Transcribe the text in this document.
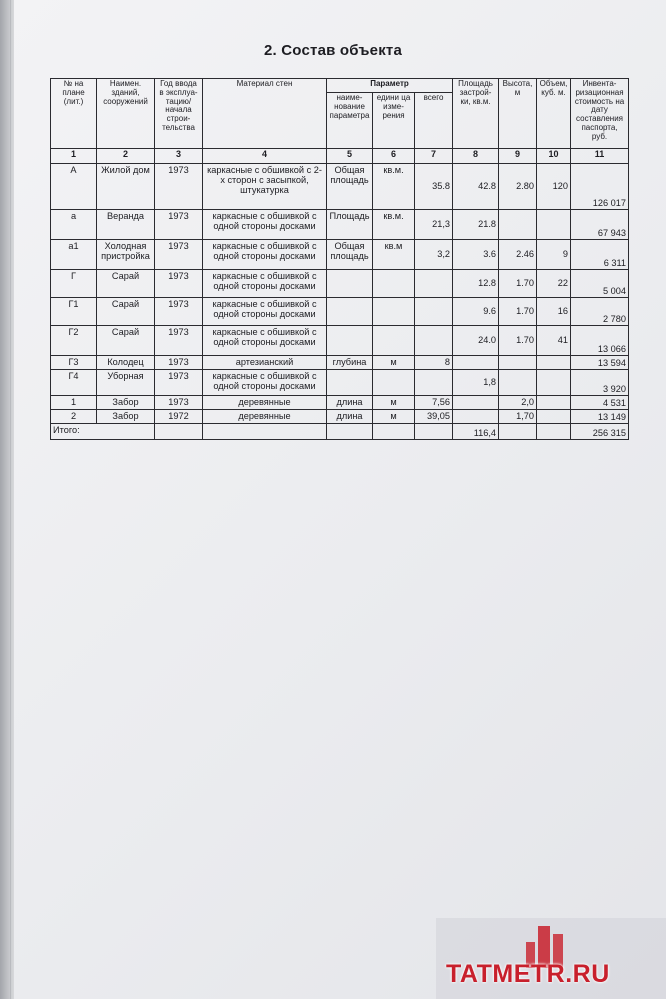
2. Состав объекта
№ на плане (лит.)	Наимен. зданий, сооружений	Год ввода в эксплуа-тацию/ начала строи-тельства	Материал стен	Параметр			Площадь застрой-ки, кв.м.	Высота, м	Объем, куб. м.	Инвента-ризационная стоимость на дату составления паспорта, руб.
				наиме-нование параметра	едини ца изме-рения	всего				
1	2	3	4	5	6	7	8	9	10	11
А	Жилой дом	1973	каркасные с обшивкой с 2-х сторон с засыпкой, штукатурка	Общая площадь	кв.м.	35.8	42.8	2.80	120	126 017
а	Веранда	1973	каркасные с обшивкой с одной стороны досками	Площадь	кв.м.	21,3	21.8			67 943
а1	Холодная пристройка	1973	каркасные с обшивкой с одной стороны досками	Общая площадь	кв.м	3,2	3.6	2.46	9	6 311
Г	Сарай	1973	каркасные с обшивкой с одной стороны досками				12.8	1.70	22	5 004
Г1	Сарай	1973	каркасные с обшивкой с одной стороны досками				9.6	1.70	16	2 780
Г2	Сарай	1973	каркасные с обшивкой с одной стороны досками				24.0	1.70	41	13 066
Г3	Колодец	1973	артезианский	глубина	м	8				13 594
Г4	Уборная	1973	каркасные с обшивкой с одной стороны досками				1,8			3 920
1	Забор	1973	деревянные	длина	м	7,56		2,0		4 531
2	Забор	1972	деревянные	длина	м	39,05		1,70		13 149
Итого:							116,4			256 315
TATMETR.RU
